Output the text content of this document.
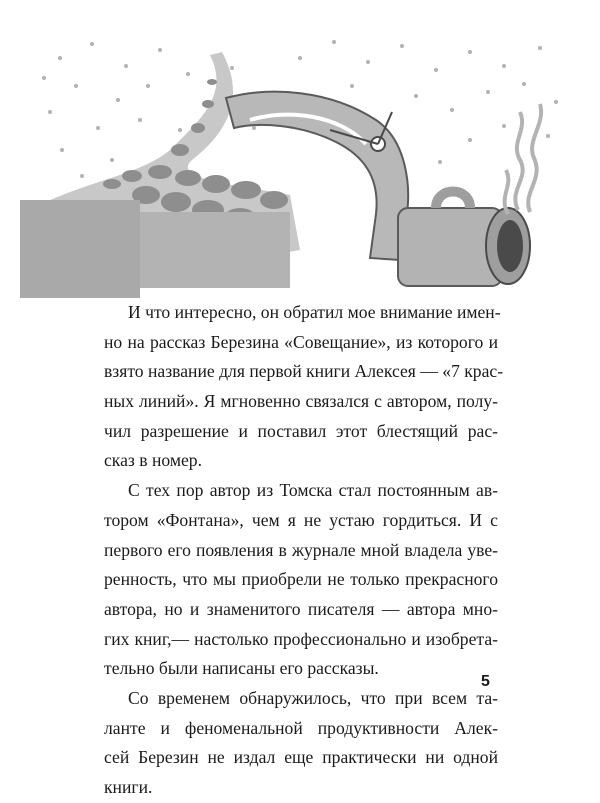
И что интересно, он обратил мое внимание имен-
но на рассказ Березина «Совещание», из которого и
взято название для первой книги Алексея — «7 крас-
ных линий». Я мгновенно связался с автором, полу-
чил разрешение и поставил этот блестящий рас-
сказ в номер.
С тех пор автор из Томска стал постоянным ав-
тором «Фонтана», чем я не устаю гордиться. И с
первого его появления в журнале мной владела уве-
ренность, что мы приобрели не только прекрасного
автора, но и знаменитого писателя — автора мно-
гих книг,— настолько профессионально и изобрета-
тельно были написаны его рассказы.
Со временем обнаружилось, что при всем та-
ланте и феноменальной продуктивности Алек-
сей Березин не издал еще практически ни одной
книги.
5
